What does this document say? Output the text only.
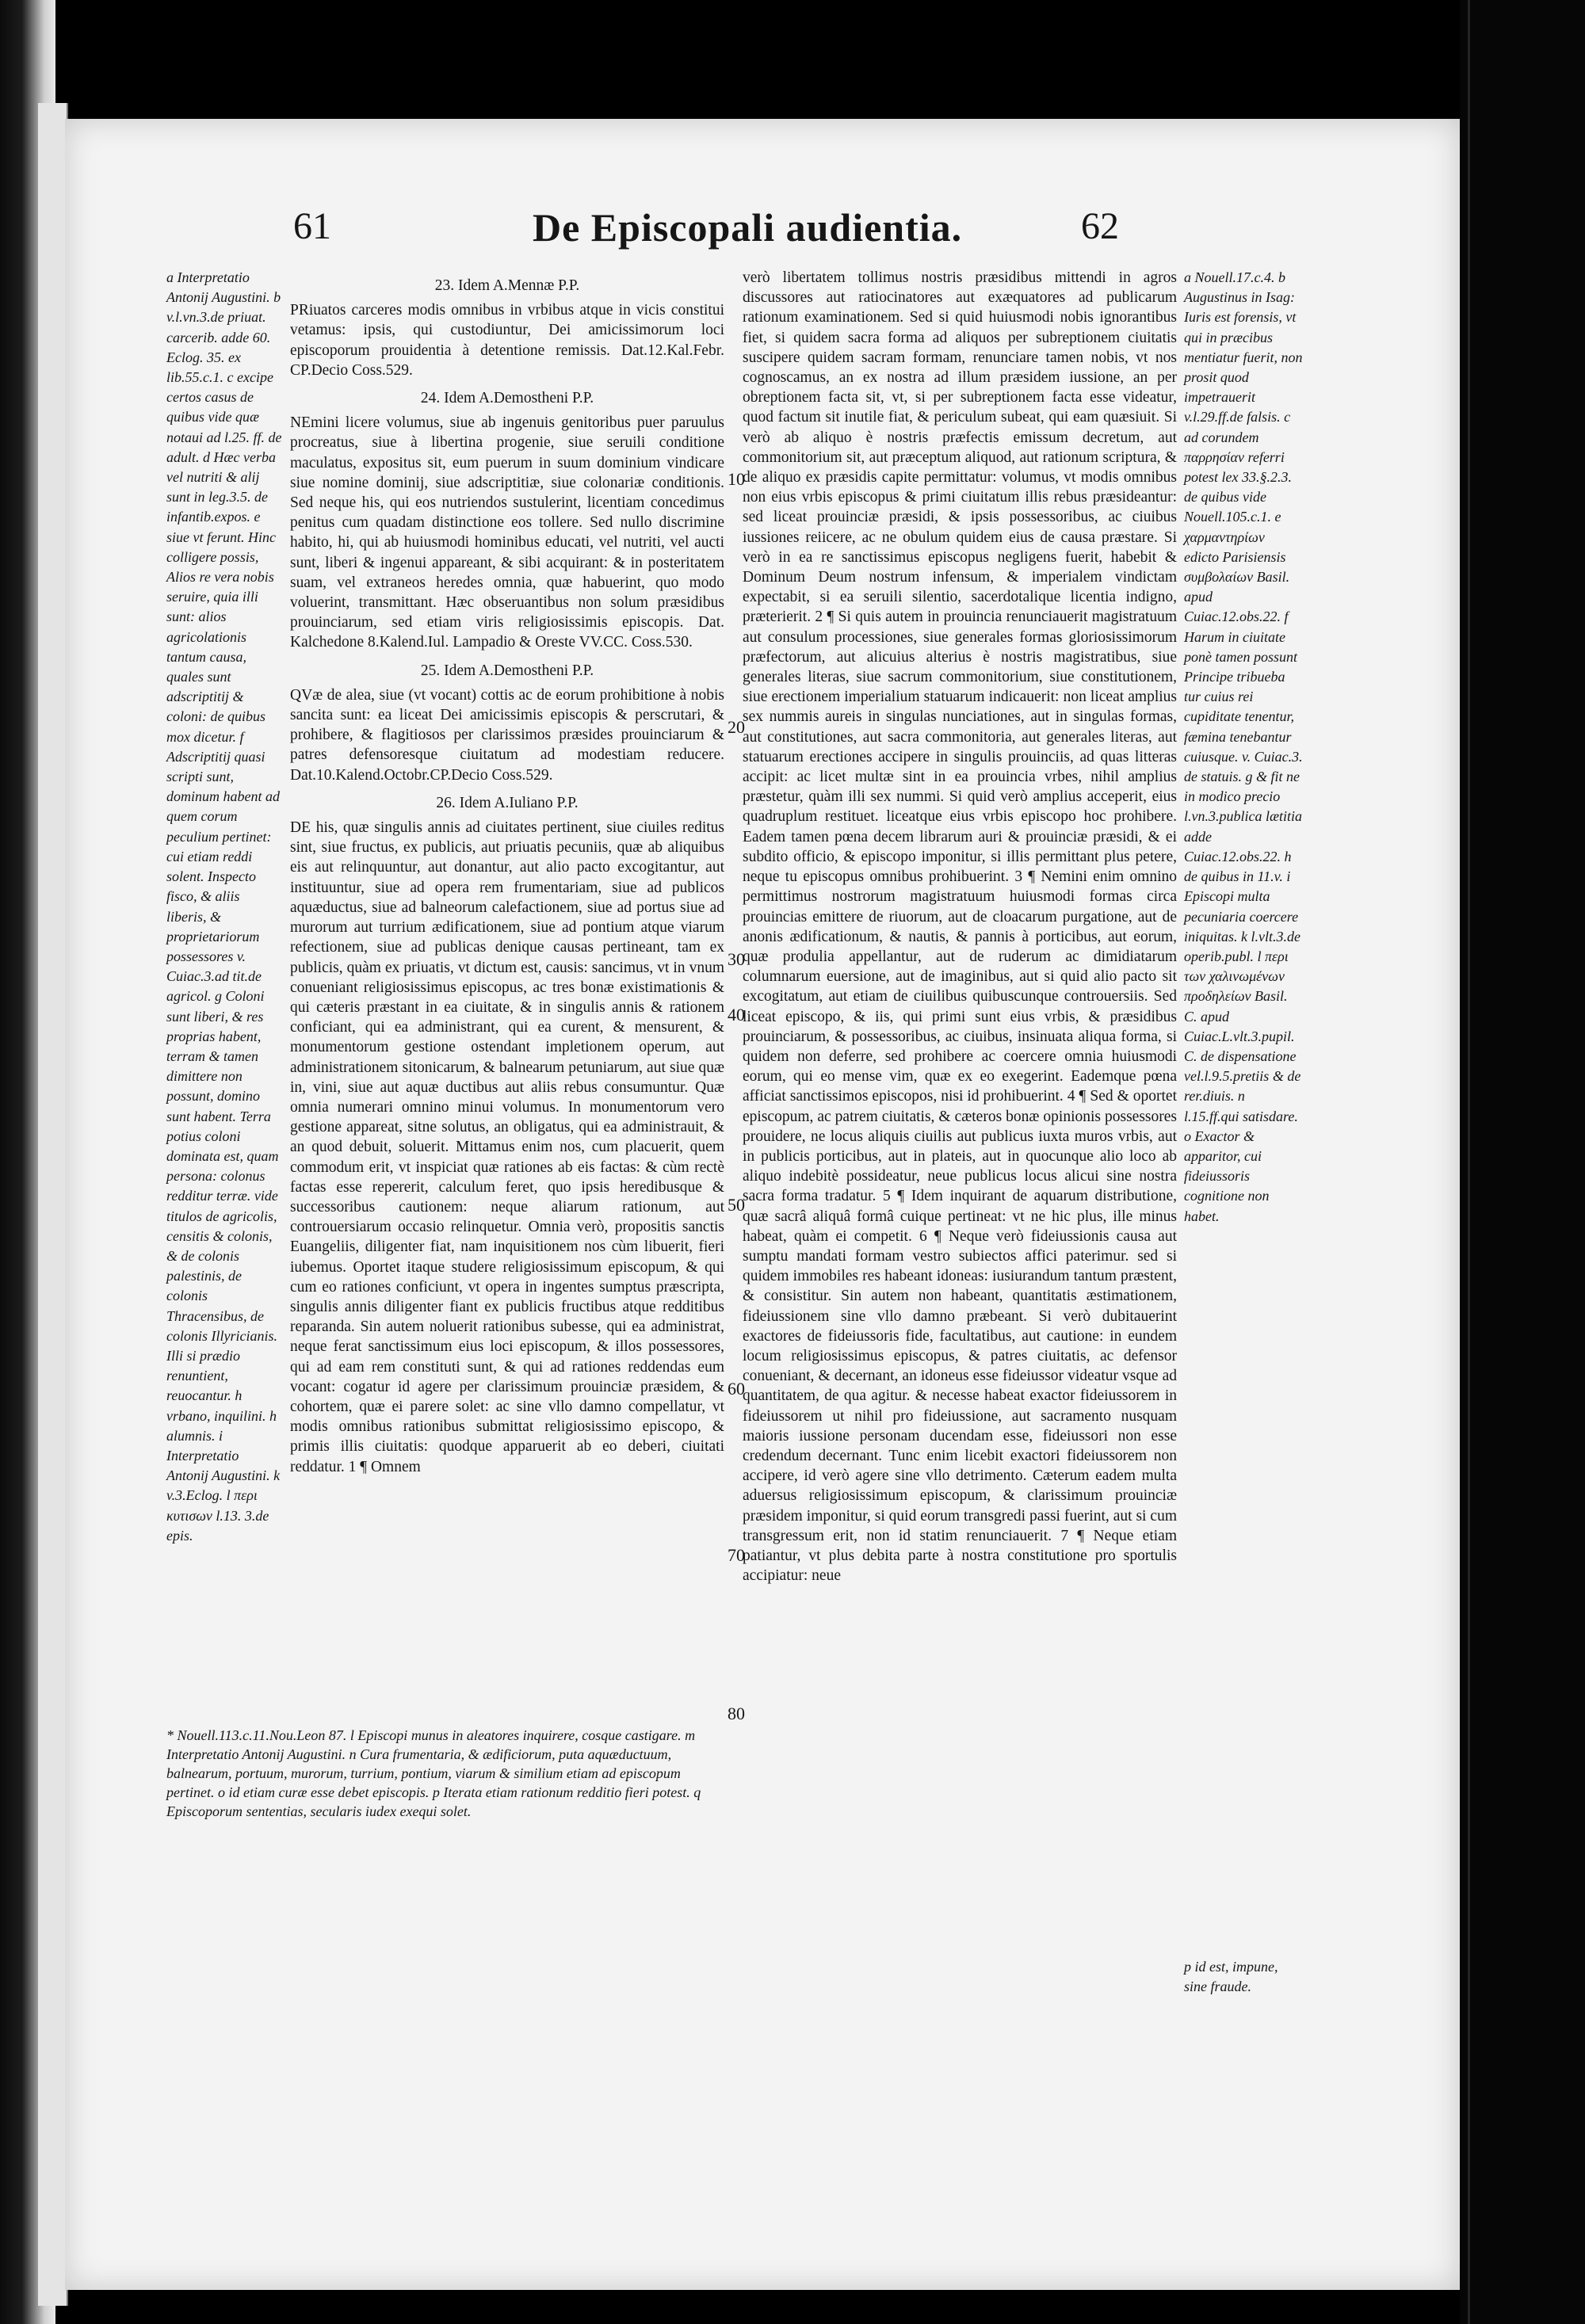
61	De Episcopali audientia.	62

a Interpretatio Antonij Augustini. b v.l.vn.3.de priuat. carcerib. adde 60. Eclog. 35. ex lib.55.c.1. c excipe certos casus de quibus vide quæ notaui ad l.25. ff. de adult. d Hæc verba vel nutriti & alij sunt in leg.3.5. de infantib.expos. e siue vt ferunt. Hinc colligere possis, Alios re vera nobis seruire, quia illi sunt: alios agricolationis tantum causa, quales sunt adscriptitij & coloni: de quibus mox dicetur. f Adscriptitij quasi scripti sunt, dominum habent ad quem corum peculium pertinet: cui etiam reddi solent. Inspecto fisco, & aliis liberis, & proprietariorum possessores v. Cuiac.3.ad tit.de agricol. g Coloni sunt liberi, & res proprias habent, terram & tamen dimittere non possunt, domino sunt habent. Terra potius coloni dominata est, quam persona: colonus redditur terræ. vide titulos de agricolis, censitis & colonis, & de colonis palestinis, de colonis Thracensibus, de colonis Illyricianis. Illi si prædio renuntient, reuocantur. h vrbano, inquilini. h alumnis. i Interpretatio Antonij Augustini. k v.3.Eclog. l περι κυτισων l.13. 3.de epis.

23. Idem A.Mennæ P.P.

PRiuatos carceres modis omnibus in vrbibus atque in vicis constitui vetamus: ipsis, qui custodiuntur, Dei amicissimorum loci episcoporum prouidentia à detentione remissis. Dat.12.Kal.Febr. CP.Decio Coss.529.

24. Idem A.Demostheni P.P.

NEmini licere volumus, siue ab ingenuis genitoribus puer paruulus procreatus, siue à libertina progenie, siue seruili conditione maculatus, expositus sit, eum puerum in suum dominium vindicare siue nomine dominij, siue adscriptitiæ, siue colonariæ conditionis. Sed neque his, qui eos nutriendos sustulerint, licentiam concedimus penitus cum quadam distinctione eos tollere. Sed nullo discrimine habito, hi, qui ab huiusmodi hominibus educati, vel nutriti, vel aucti sunt, liberi & ingenui appareant, & sibi acquirant: & in posteritatem suam, vel extraneos heredes omnia, quæ habuerint, quo modo voluerint, transmittant. Hæc obseruantibus non solum præsidibus prouinciarum, sed etiam viris religiosissimis episcopis. Dat. Kalchedone 8.Kalend.Iul. Lampadio & Oreste VV.CC. Coss.530.

25. Idem A.Demostheni P.P.

QVæ de alea, siue (vt vocant) cottis ac de eorum prohibitione à nobis sancita sunt: ea liceat Dei amicissimis episcopis & perscrutari, & prohibere, & flagitiosos per clarissimos præsides prouinciarum & patres defensoresque ciuitatum ad modestiam reducere. Dat.10.Kalend.Octobr.CP.Decio Coss.529.

26. Idem A.Iuliano P.P.

DE his, quæ singulis annis ad ciuitates pertinent, siue ciuiles reditus sint, siue fructus, ex publicis, aut priuatis pecuniis, quæ ab aliquibus eis aut relinquuntur, aut donantur, aut alio pacto excogitantur, aut instituuntur, siue ad opera rem frumentariam, siue ad publicos aquæductus, siue ad balneorum calefactionem, siue ad portus siue ad murorum aut turrium ædificationem, siue ad pontium atque viarum refectionem, siue ad publicas denique causas pertineant, tam ex publicis, quàm ex priuatis, vt dictum est, causis: sancimus, vt in vnum conueniant religiosissimus episcopus, ac tres bonæ existimationis & qui cæteris præstant in ea ciuitate, & in singulis annis & rationem conficiant, qui ea administrant, qui ea curent, & mensurent, & monumentorum gestione ostendant impletionem operum, aut administrationem sitonicarum, & balnearum petuniarum, aut siue quæ in, vini, siue aut aquæ ductibus aut aliis rebus consumuntur. Quæ omnia numerari omnino minui volumus. In monumentorum vero gestione appareat, sitne solutus, an obligatus, qui ea administrauit, & an quod debuit, soluerit. Mittamus enim nos, cum placuerit, quem commodum erit, vt inspiciat quæ rationes ab eis factas: & cùm rectè factas esse repererit, calculum feret, quo ipsis heredibusque & successoribus cautionem: neque aliarum rationum, aut controuersiarum occasio relinquetur. Omnia verò, propositis sanctis Euangeliis, diligenter fiat, nam inquisitionem nos cùm libuerit, fieri iubemus. Oportet itaque studere religiosissimum episcopum, & qui cum eo rationes conficiunt, vt opera in ingentes sumptus præscripta, singulis annis diligenter fiant ex publicis fructibus atque redditibus reparanda. Sin autem noluerit rationibus subesse, qui ea administrat, neque ferat sanctissimum eius loci episcopum, & illos possessores, qui ad eam rem constituti sunt, & qui ad rationes reddendas eum vocant: cogatur id agere per clarissimum prouinciæ præsidem, & cohortem, quæ ei parere solet: ac sine vllo damno compellatur, vt modis omnibus rationibus submittat religiosissimo episcopo, & primis illis ciuitatis: quodque apparuerit ab eo deberi, ciuitati reddatur. 1 ¶ Omnem

verò libertatem tollimus nostris præsidibus mittendi in agros discussores aut ratiocinatores aut exæquatores ad publicarum rationum examinationem. Sed si quid huiusmodi nobis ignorantibus fiet, si quidem sacra forma ad aliquos per subreptionem ciuitatis suscipere quidem sacram formam, renunciare tamen nobis, vt nos cognoscamus, an ex nostra ad illum præsidem iussione, an per obreptionem facta sit, vt, si per subreptionem facta esse videatur, quod factum sit inutile fiat, & periculum subeat, qui eam quæsiuit. Si verò ab aliquo è nostris præfectis emissum decretum, aut commonitorium sit, aut præceptum aliquod, aut rationum scriptura, & de aliquo ex præsidis capite permittatur: volumus, vt modis omnibus non eius vrbis episcopus & primi ciuitatum illis rebus præsideantur: sed liceat prouinciæ præsidi, & ipsis possessoribus, ac ciuibus iussiones reiicere, ac ne obulum quidem eius de causa præstare. Si verò in ea re sanctissimus episcopus negligens fuerit, habebit & Dominum Deum nostrum infensum, & imperialem vindictam expectabit, si ea seruili silentio, sacerdotalique licentia indigno, præterierit. 2 ¶ Si quis autem in prouincia renunciauerit magistratuum aut consulum processiones, siue generales formas gloriosissimorum præfectorum, aut alicuius alterius è nostris magistratibus, siue generales literas, siue sacrum commonitorium, siue constitutionem, siue erectionem imperialium statuarum indicauerit: non liceat amplius sex nummis aureis in singulas nunciationes, aut in singulas formas, aut constitutiones, aut sacra commonitoria, aut generales literas, aut statuarum erectiones accipere in singulis prouinciis, ad quas litteras accipit: ac licet multæ sint in ea prouincia vrbes, nihil amplius præstetur, quàm illi sex nummi. Si quid verò amplius acceperit, eius quadruplum restituet. liceatque eius vrbis episcopo hoc prohibere. Eadem tamen pœna decem librarum auri & prouinciæ præsidi, & ei subdito officio, & episcopo imponitur, si illis permittant plus petere, neque tu episcopus omnibus prohibuerint. 3 ¶ Nemini enim omnino permittimus nostrorum magistratuum huiusmodi formas circa prouincias emittere de riuorum, aut de cloacarum purgatione, aut de anonis ædificationum, & nautis, & pannis à porticibus, aut eorum, quæ produlia appellantur, aut de ruderum ac dimidiatarum columnarum euersione, aut de imaginibus, aut si quid alio pacto sit excogitatum, aut etiam de ciuilibus quibuscunque controuersiis. Sed liceat episcopo, & iis, qui primi sunt eius vrbis, & præsidibus prouinciarum, & possessoribus, ac ciuibus, insinuata aliqua forma, si quidem non deferre, sed prohibere ac coercere omnia huiusmodi eorum, qui eo mense vim, quæ ex eo exegerint. Eademque pœna afficiat sanctissimos episcopos, nisi id prohibuerint. 4 ¶ Sed & oportet episcopum, ac patrem ciuitatis, & cæteros bonæ opinionis possessores prouidere, ne locus aliquis ciuilis aut publicus iuxta muros vrbis, aut in publicis porticibus, aut in plateis, aut in quocunque alio loco ab aliquo indebitè possideatur, neue publicus locus alicui sine nostra sacra forma tradatur. 5 ¶ Idem inquirant de aquarum distributione, quæ sacrâ aliquâ formâ cuique pertineat: vt ne hic plus, ille minus habeat, quàm ei competit. 6 ¶ Neque verò fideiussionis causa aut sumptu mandati formam vestro subiectos affici paterimur. sed si quidem immobiles res habeant idoneas: iusiurandum tantum præstent, & consistitur. Sin autem non habeant, quantitatis æstimationem, fideiussionem sine vllo damno præbeant. Si verò dubitauerint exactores de fideiussoris fide, facultatibus, aut cautione: in eundem locum religiosissimus episcopus, & patres ciuitatis, ac defensor conueniant, & decernant, an idoneus esse fideiussor videatur vsque ad quantitatem, de qua agitur. & necesse habeat exactor fideiussorem in fideiussorem ut nihil pro fideiussione, aut sacramento nusquam maioris iussione personam ducendam esse, fideiussori non esse credendum decernant. Tunc enim licebit exactori fideiussorem non accipere, id verò agere sine vllo detrimento. Cæterum eadem multa aduersus religiosissimum episcopum, & clarissimum prouinciæ præsidem imponitur, si quid eorum transgredi passi fuerint, aut si cum transgressum erit, non id statim renunciauerit. 7 ¶ Neque etiam patiantur, vt plus debita parte à nostra constitutione pro sportulis accipiatur: neue

a Nouell.17.c.4. b Augustinus in Isag: Iuris est forensis, vt qui in præcibus mentiatur fuerit, non prosit quod impetrauerit v.l.29.ff.de falsis. c ad corundem παρρησίαν referri potest lex 33.§.2.3. de quibus vide Nouell.105.c.1. e χαρμαντηρίων edicto Parisiensis συμβολαίων Basil. apud Cuiac.12.obs.22. f Harum in ciuitate ponè tamen possunt Principe tribueba tur cuius rei cupiditate tenentur, fæmina tenebantur cuiusque. v. Cuiac.3. de statuis. g & fit ne in modico precio l.vn.3.publica lætitia adde Cuiac.12.obs.22. h de quibus in 11.v. i Episcopi multa pecuniaria coercere iniquitas. k l.vlt.3.de operib.publ. l περι των χαλινωμένων προδηλείων Basil. C. apud Cuiac.L.vlt.3.pupil. C. de dispensatione vel.l.9.5.pretiis & de rer.diuis. n l.15.ff.qui satisdare. o Exactor & apparitor, cui fideiussoris cognitione non habet.

10
20
30
40
50
60
70
80
* Nouell.113.c.11.Nou.Leon 87. l Episcopi munus in aleatores inquirere, cosque castigare. m Interpretatio Antonij Augustini. n Cura frumentaria, & ædificiorum, puta aquæductuum, balnearum, portuum, murorum, turrium, pontium, viarum & similium etiam ad episcopum pertinet. o id etiam curæ esse debet episcopis. p Iterata etiam rationum redditio fieri potest. q Episcoporum sententias, secularis iudex exequi solet.
p id est, impune, sine fraude.
